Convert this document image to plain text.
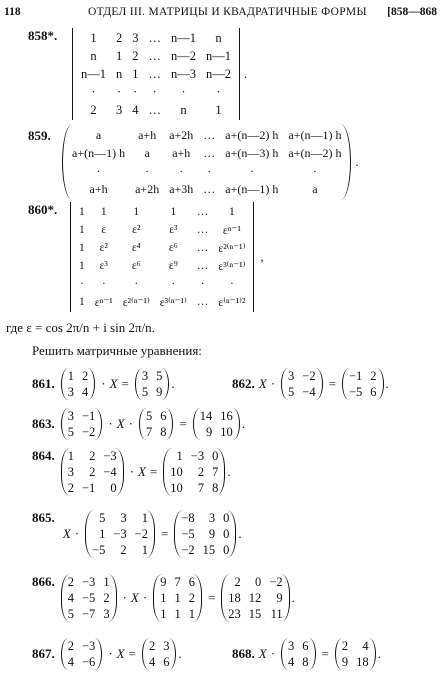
118	ОТДЕЛ III. МАТРИЦЫ И КВАДРАТИЧНЫЕ ФОРМЫ [858—868
858*.	1	2	3	…	n—1	n
n	1	2	…	n—2	n—1
n—1	n	1	…	n—3	n—2
·	·	·	·	·	·
2	3	4	…	n	1
.
859.	a	a+h	a+2h	…	a+(n—2) h	a+(n—1) h
a+(n—1) h	a	a+h	…	a+(n—3) h	a+(n—2) h
·	·	·	·	·	·
a+h	a+2h	a+3h	…	a+(n—1) h	a
.
860*. 1	1	1	1	…	1
1	ε	ε²	ε³	…	εⁿ⁻¹
1	ε²	ε⁴	ε⁶	…	ε²⁽ⁿ⁻¹⁾
1	ε³	ε⁶	ε⁹	…	ε³⁽ⁿ⁻¹⁾
·	·	·	·	·	·
1	εⁿ⁻¹	ε²⁽ⁿ⁻¹⁾	ε³⁽ⁿ⁻¹⁾	…	ε⁽ⁿ⁻¹⁾²
,
где ε = cos 2π/n + i sin 2π/n.
Решить матричные уравнения:
861.
1	2
3	4
· X =
3	5
5	9
.	862. X ·
3	−2
5	−4
=
−1	2
−5	6
.
863.
3	−1
5	−2
· X ·
5	6
7	8
=
14	16
9	10
.
864. 1	2	−3
3	2	−4
2	−1	0
· X =
1	−3	0
10	2	7
10	7	8
.
865.
X ·
5	3	1
1	−3	−2
−5	2	1
=
−8	3	0
−5	9	0
−2	15	0
.
866. 2	−3	1
4	−5	2
5	−7	3
· X ·
9	7	6
1	1	2
1	1	1
=
2	0	−2
18	12	9
23	15	11
.
867.
2	−3
4	−6
· X =
2	3
4	6
.	868. X ·
3	6
4	8
=
2	4
9	18
.
